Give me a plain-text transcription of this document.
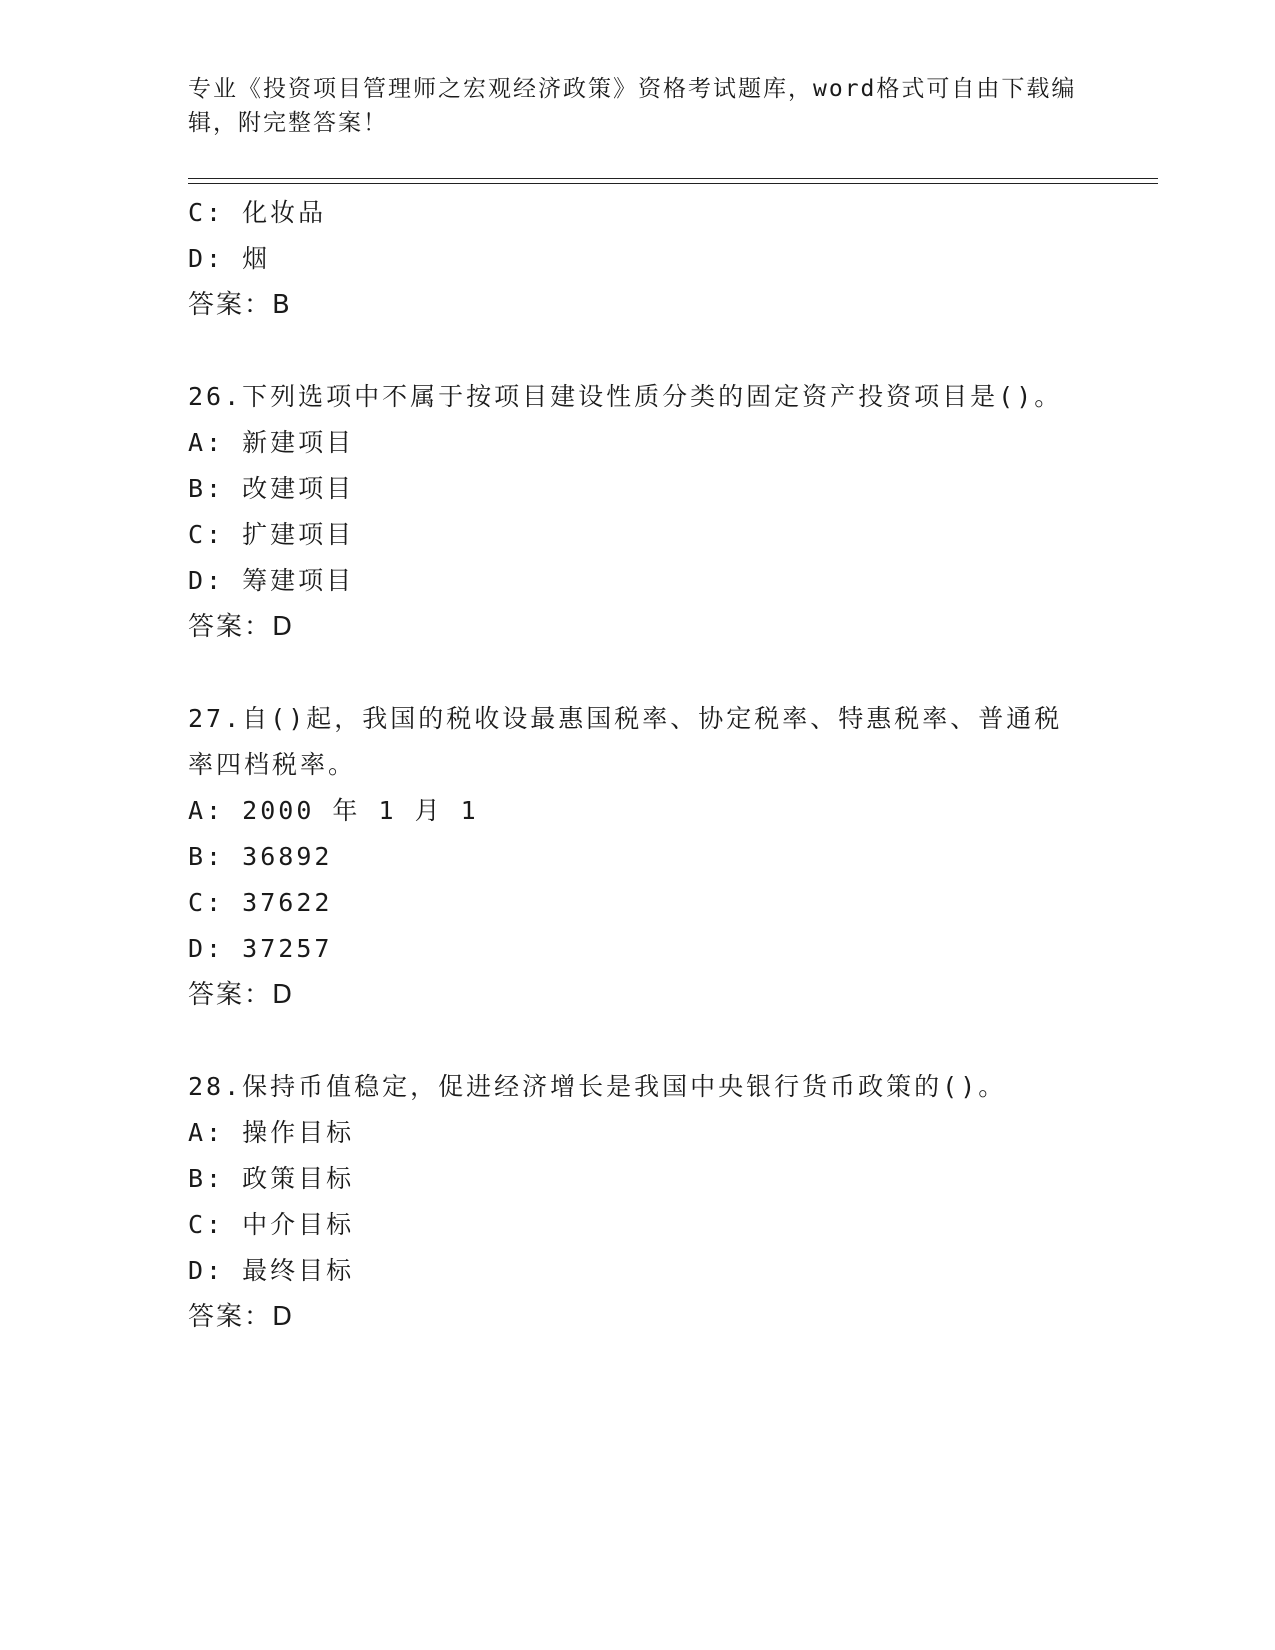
专业《投资项目管理师之宏观经济政策》资格考试题库，word格式可自由下载编辑，附完整答案！
C: 化妆品
D: 烟
答案：B
26.下列选项中不属于按项目建设性质分类的固定资产投资项目是()。
A: 新建项目
B: 改建项目
C: 扩建项目
D: 筹建项目
答案：D
27.自()起，我国的税收设最惠国税率、协定税率、特惠税率、普通税率四档税率。
A: 2000 年 1 月 1
B: 36892
C: 37622
D: 37257
答案：D
28.保持币值稳定，促进经济增长是我国中央银行货币政策的()。
A: 操作目标
B: 政策目标
C: 中介目标
D: 最终目标
答案：D
